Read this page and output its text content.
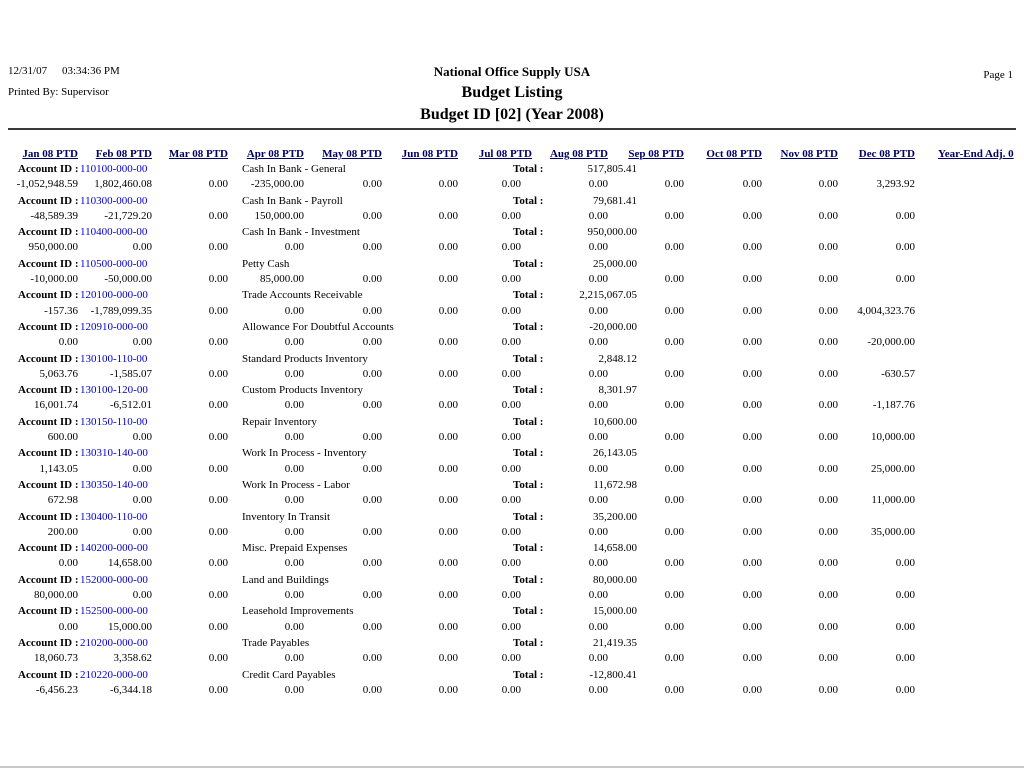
12/31/07 03:34:36 PM
Printed By: Supervisor
National Office Supply USA
Budget Listing
Budget ID [02] (Year 2008)
Page 1
Jan 08 PTD Feb 08 PTD Mar 08 PTD Apr 08 PTD May 08 PTD Jun 08 PTD Jul 08 PTD Aug 08 PTD Sep 08 PTD Oct 08 PTD Nov 08 PTD Dec 08 PTD Year-End Adj. 0
Account ID : 110100-000-00	Cash In Bank - General	Total :	517,805.41
-1,052,948.59 1,802,460.08	0.00 -235,000.00	0.00	0.00	0.00	0.00	0.00	0.00	0.00	3,293.92
Account ID : 110300-000-00	Cash In Bank - Payroll	Total :	79,681.41
-48,589.39 -21,729.20	0.00 150,000.00	0.00	0.00	0.00	0.00	0.00	0.00	0.00	0.00
Account ID : 110400-000-00	Cash In Bank - Investment	Total :	950,000.00
950,000.00	0.00	0.00	0.00	0.00	0.00	0.00	0.00	0.00	0.00	0.00	0.00
Account ID : 110500-000-00	Petty Cash	Total :	25,000.00
-10,000.00 -50,000.00	0.00	85,000.00	0.00	0.00	0.00	0.00	0.00	0.00	0.00	0.00
Account ID : 120100-000-00	Trade Accounts Receivable	Total :	2,215,067.05
-157.36 -1,789,099.35	0.00	0.00	0.00	0.00	0.00	0.00	0.00	0.00	0.00 4,004,323.76
Account ID : 120910-000-00	Allowance For Doubtful Accounts	Total :	-20,000.00
0.00	0.00	0.00	0.00	0.00	0.00	0.00	0.00	0.00	0.00	0.00	-20,000.00
Account ID : 130100-110-00	Standard Products Inventory	Total :	2,848.12
5,063.76	-1,585.07	0.00	0.00	0.00	0.00	0.00	0.00	0.00	0.00	0.00	-630.57
Account ID : 130100-120-00	Custom Products Inventory	Total :	8,301.97
16,001.74	-6,512.01	0.00	0.00	0.00	0.00	0.00	0.00	0.00	0.00	0.00	-1,187.76
Account ID : 130150-110-00	Repair Inventory	Total :	10,600.00
600.00	0.00	0.00	0.00	0.00	0.00	0.00	0.00	0.00	0.00	0.00	10,000.00
Account ID : 130310-140-00	Work In Process - Inventory	Total :	26,143.05
1,143.05	0.00	0.00	0.00	0.00	0.00	0.00	0.00	0.00	0.00	0.00	25,000.00
Account ID : 130350-140-00	Work In Process - Labor	Total :	11,672.98
672.98	0.00	0.00	0.00	0.00	0.00	0.00	0.00	0.00	0.00	0.00	11,000.00
Account ID : 130400-110-00	Inventory In Transit	Total :	35,200.00
200.00	0.00	0.00	0.00	0.00	0.00	0.00	0.00	0.00	0.00	0.00	35,000.00
Account ID : 140200-000-00	Misc. Prepaid Expenses	Total :	14,658.00
0.00	14,658.00	0.00	0.00	0.00	0.00	0.00	0.00	0.00	0.00	0.00	0.00
Account ID : 152000-000-00	Land and Buildings	Total :	80,000.00
80,000.00	0.00	0.00	0.00	0.00	0.00	0.00	0.00	0.00	0.00	0.00	0.00
Account ID : 152500-000-00	Leasehold Improvements	Total :	15,000.00
0.00	15,000.00	0.00	0.00	0.00	0.00	0.00	0.00	0.00	0.00	0.00	0.00
Account ID : 210200-000-00	Trade Payables	Total :	21,419.35
18,060.73	3,358.62	0.00	0.00	0.00	0.00	0.00	0.00	0.00	0.00	0.00	0.00
Account ID : 210220-000-00	Credit Card Payables	Total :	-12,800.41
-6,456.23	-6,344.18	0.00	0.00	0.00	0.00	0.00	0.00	0.00	0.00	0.00	0.00
